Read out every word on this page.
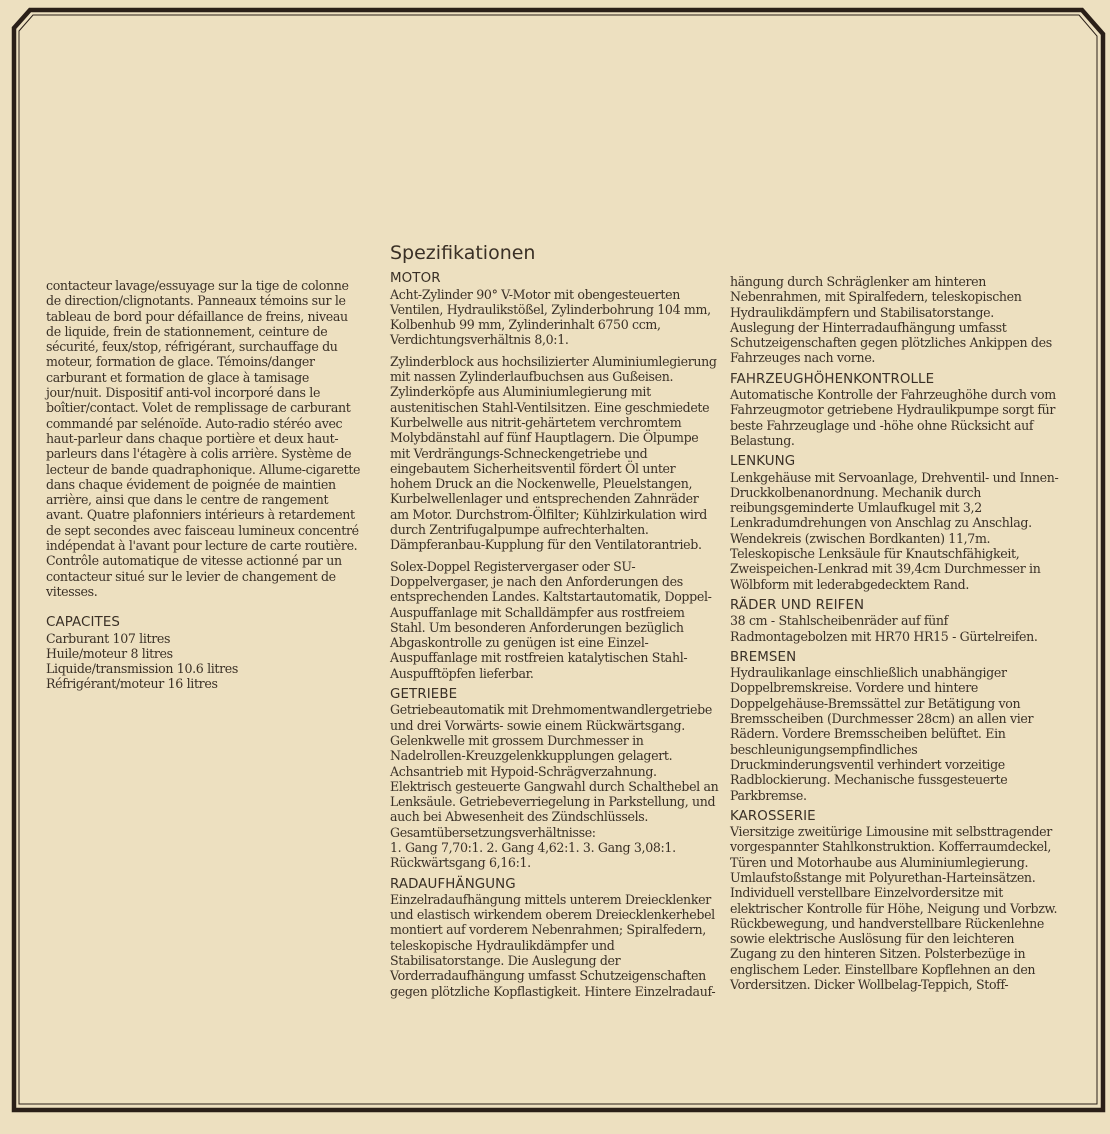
contacteur lavage/essuyage sur la tige de colonne de direction/clignotants. Panneaux témoins sur le tableau de bord pour défaillance de freins, niveau de liquide, frein de stationnement, ceinture de sécurité, feux/stop, réfrigérant, surchauffage du moteur, formation de glace. Témoins/danger carburant et formation de glace à tamisage jour/nuit. Dispositif anti-vol incorporé dans le boîtier/contact. Volet de remplissage de carburant commandé par selénoïde. Auto-radio stéréo avec haut-parleur dans chaque portière et deux haut-parleurs dans l'étagère à colis arrière. Système de lecteur de bande quadraphonique. Allume-cigarette dans chaque évidement de poignée de maintien arrière, ainsi que dans le centre de rangement avant. Quatre plafonniers intérieurs à retardement de sept secondes avec faisceau lumineux concentré indépendat à l'avant pour lecture de carte routière. Contrôle automatique de vitesse actionné par un contacteur situé sur le levier de changement de vitesses.

CAPACITES
Carburant 107 litres
Huile/moteur 8 litres
Liquide/transmission 10.6 litres
Réfrigérant/moteur 16 litres
Spezifikationen
MOTOR

Acht-Zylinder 90° V-Motor mit obengesteuerten Ventilen, Hydraulikstößel, Zylinderbohrung 104 mm, Kolbenhub 99 mm, Zylinderinhalt 6750 ccm, Verdichtungsverhältnis 8,0:1.

Zylinderblock aus hochsilizierter Aluminiumlegierung mit nassen Zylinderlaufbuchsen aus Gußeisen. Zylinderköpfe aus Aluminiumlegierung mit austenitischen Stahl-Ventilsitzen. Eine geschmiedete Kurbelwelle aus nitrit-gehärtetem verchromtem Molybdänstahl auf fünf Hauptlagern. Die Ölpumpe mit Verdrängungs-Schneckengetriebe und eingebautem Sicherheitsventil fördert Öl unter hohem Druck an die Nockenwelle, Pleuelstangen, Kurbelwellenlager und entsprechenden Zahnräder am Motor. Durchstrom-Ölfilter; Kühlzirkulation wird durch Zentrifugalpumpe aufrechterhalten. Dämpferanbau-Kupplung für den Ventilatorantrieb.

Solex-Doppel Registervergaser oder SU-Doppelvergaser, je nach den Anforderungen des entsprechenden Landes. Kaltstartautomatik, Doppel-Auspuffanlage mit Schalldämpfer aus rostfreiem Stahl. Um besonderen Anforderungen bezüglich Abgaskontrolle zu genügen ist eine Einzel-Auspuffanlage mit rostfreien katalytischen Stahl-Auspufftöpfen lieferbar.

GETRIEBE

Getriebeautomatik mit Drehmomentwandlergetriebe und drei Vorwärts- sowie einem Rückwärtsgang. Gelenkwelle mit grossem Durchmesser in Nadelrollen-Kreuzgelenkkupplungen gelagert. Achsantrieb mit Hypoid-Schrägverzahnung. Elektrisch gesteuerte Gangwahl durch Schalthebel an Lenksäule. Getriebeverriegelung in Parkstellung, und auch bei Abwesenheit des Zündschlüssels.

Gesamtübersetzungsverhältnisse:

1. Gang 7,70:1. 2. Gang 4,62:1. 3. Gang 3,08:1. Rückwärtsgang 6,16:1.

RADAUFHÄNGUNG

Einzelradaufhängung mittels unterem Dreiecklenker und elastisch wirkendem oberem Dreiecklenkerhebel montiert auf vorderem Nebenrahmen; Spiralfedern, teleskopische Hydraulikdämpfer und Stabilisatorstange. Die Auslegung der Vorderradaufhängung umfasst Schutzeigenschaften gegen plötzliche Kopflastigkeit. Hintere Einzelradauf-

hängung durch Schräglenker am hinteren Nebenrahmen, mit Spiralfedern, teleskopischen Hydraulikdämpfern und Stabilisatorstange. Auslegung der Hinterradaufhängung umfasst Schutzeigenschaften gegen plötzliches Ankippen des Fahrzeuges nach vorne.

FAHRZEUGHÖHENKONTROLLE

Automatische Kontrolle der Fahrzeughöhe durch vom Fahrzeugmotor getriebene Hydraulikpumpe sorgt für beste Fahrzeuglage und -höhe ohne Rücksicht auf Belastung.

LENKUNG

Lenkgehäuse mit Servoanlage, Drehventil- und Innen-Druckkolbenanordnung. Mechanik durch reibungsgeminderte Umlaufkugel mit 3,2 Lenkradumdrehungen von Anschlag zu Anschlag. Wendekreis (zwischen Bordkanten) 11,7m. Teleskopische Lenksäule für Knautschfähigkeit, Zweispeichen-Lenkrad mit 39,4cm Durchmesser in Wölbform mit lederabgedecktem Rand.

RÄDER UND REIFEN

38 cm - Stahlscheibenräder auf fünf Radmontagebolzen mit HR70 HR15 - Gürtelreifen.

BREMSEN

Hydraulikanlage einschließlich unabhängiger Doppelbremskreise. Vordere und hintere Doppelgehäuse-Bremssättel zur Betätigung von Bremsscheiben (Durchmesser 28cm) an allen vier Rädern. Vordere Bremsscheiben belüftet. Ein beschleunigungsempfindliches Druckminderungsventil verhindert vorzeitige Radblockierung. Mechanische fussgesteuerte Parkbremse.

KAROSSERIE

Viersitzige zweitürige Limousine mit selbsttragender vorgespannter Stahlkonstruktion. Kofferraumdeckel, Türen und Motorhaube aus Aluminiumlegierung. Umlaufstoßstange mit Polyurethan-Harteinsätzen. Individuell verstellbare Einzelvordersitze mit elektrischer Kontrolle für Höhe, Neigung und Vorbzw. Rückbewegung, und handverstellbare Rückenlehne sowie elektrische Auslösung für den leichteren Zugang zu den hinteren Sitzen. Polsterbezüge in englischem Leder. Einstellbare Kopflehnen an den Vordersitzen. Dicker Wollbelag-Teppich, Stoff-
